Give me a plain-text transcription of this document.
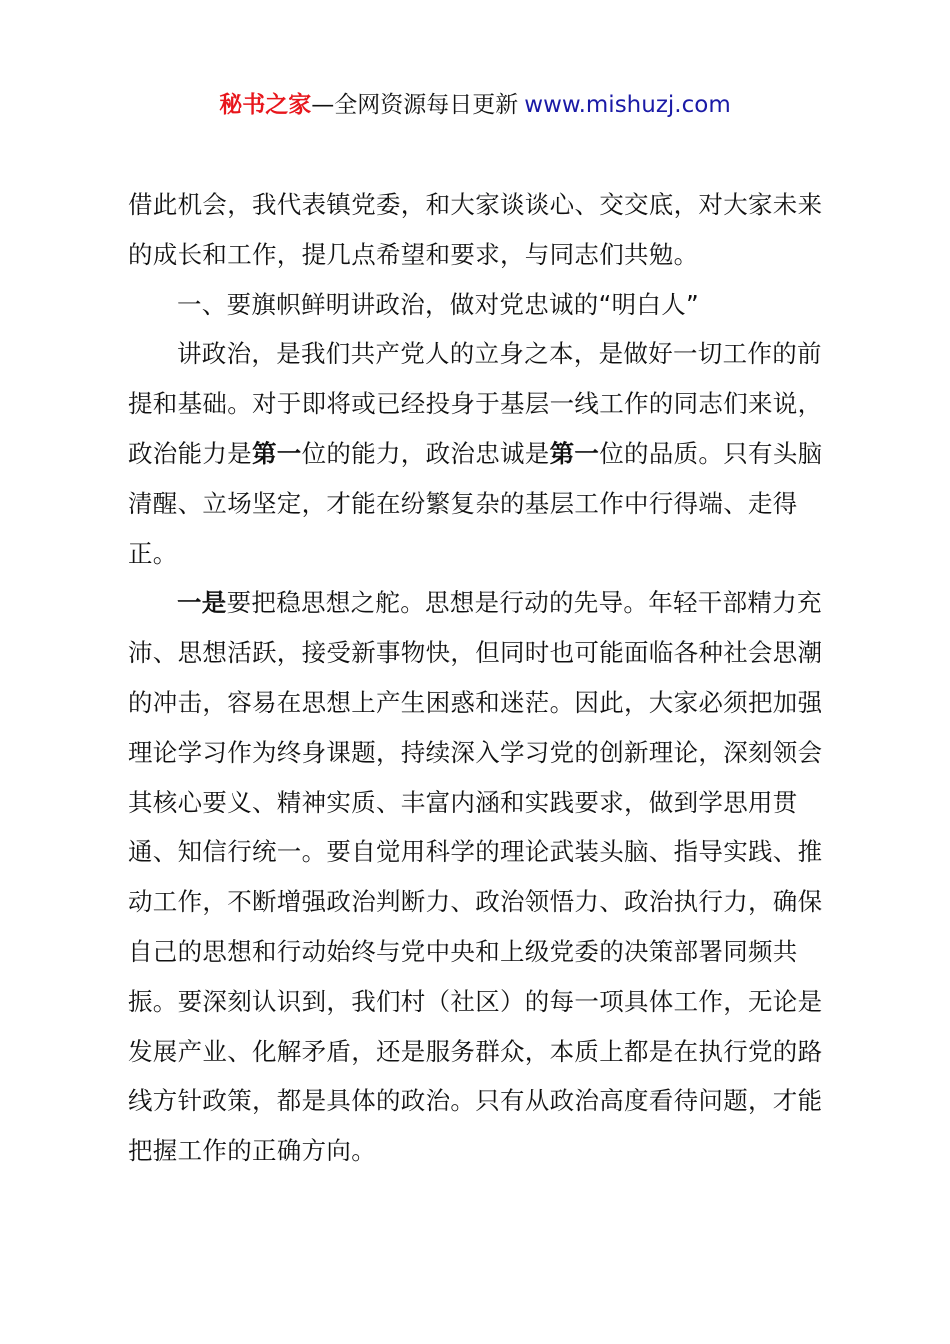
秘书之家—全网资源每日更新 www.mishuzj.com

借此机会，我代表镇党委，和大家谈谈心、交交底，对大家未来的成长和工作，提几点希望和要求，与同志们共勉。

一、要旗帜鲜明讲政治，做对党忠诚的“明白人”

讲政治，是我们共产党人的立身之本，是做好一切工作的前提和基础。对于即将或已经投身于基层一线工作的同志们来说，政治能力是第一位的能力，政治忠诚是第一位的品质。只有头脑清醒、立场坚定，才能在纷繁复杂的基层工作中行得端、走得正。

一是要把稳思想之舵。思想是行动的先导。年轻干部精力充沛、思想活跃，接受新事物快，但同时也可能面临各种社会思潮的冲击，容易在思想上产生困惑和迷茫。因此，大家必须把加强理论学习作为终身课题，持续深入学习党的创新理论，深刻领会其核心要义、精神实质、丰富内涵和实践要求，做到学思用贯通、知信行统一。要自觉用科学的理论武装头脑、指导实践、推动工作，不断增强政治判断力、政治领悟力、政治执行力，确保自己的思想和行动始终与党中央和上级党委的决策部署同频共振。要深刻认识到，我们村（社区）的每一项具体工作，无论是发展产业、化解矛盾，还是服务群众，本质上都是在执行党的路线方针政策，都是具体的政治。只有从政治高度看待问题，才能把握工作的正确方向。
